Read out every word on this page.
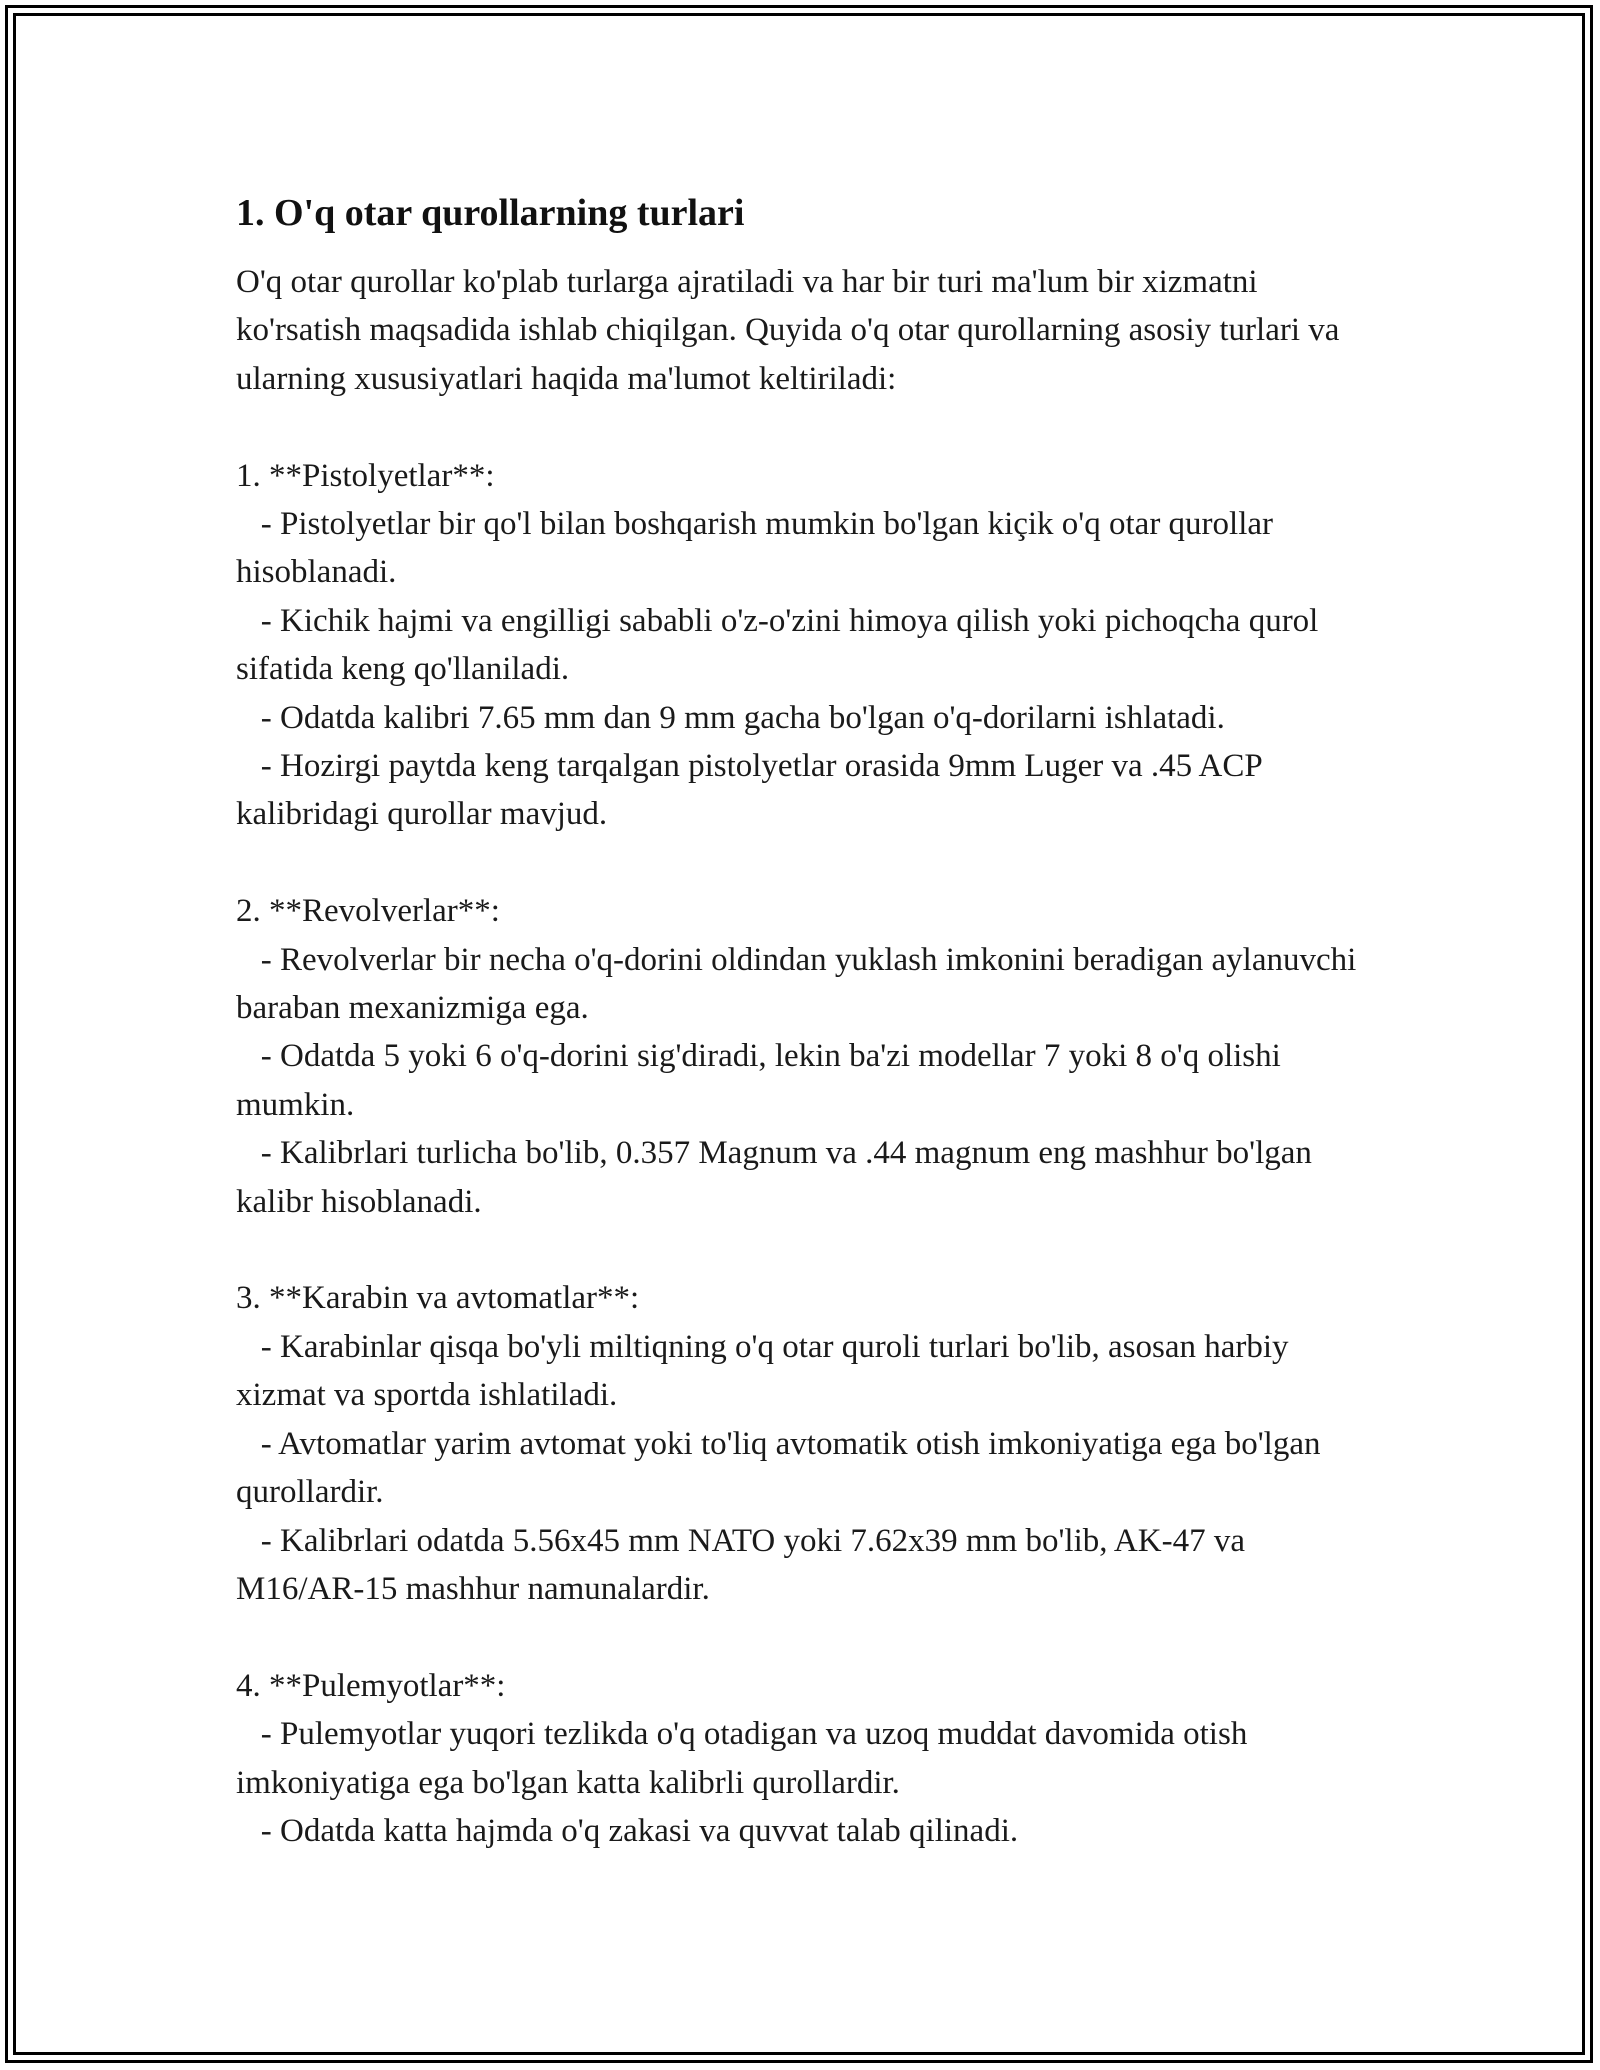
1. O'q otar qurollarning turlari

O'q otar qurollar ko'plab turlarga ajratiladi va har bir turi ma'lum bir xizmatni ko'rsatish maqsadida ishlab chiqilgan. Quyida o'q otar qurollarning asosiy turlari va ularning xususiyatlari haqida ma'lumot keltiriladi:

1. **Pistolyetlar**:

- Pistolyetlar bir qo'l bilan boshqarish mumkin bo'lgan kiçik o'q otar qurollar hisoblanadi.

- Kichik hajmi va engilligi sababli o'z-o'zini himoya qilish yoki pichoqcha qurol sifatida keng qo'llaniladi.

- Odatda kalibri 7.65 mm dan 9 mm gacha bo'lgan o'q-dorilarni ishlatadi.

- Hozirgi paytda keng tarqalgan pistolyetlar orasida 9mm Luger va .45 ACP kalibridagi qurollar mavjud.

2. **Revolverlar**:

- Revolverlar bir necha o'q-dorini oldindan yuklash imkonini beradigan aylanuvchi baraban mexanizmiga ega.

- Odatda 5 yoki 6 o'q-dorini sig'diradi, lekin ba'zi modellar 7 yoki 8 o'q olishi mumkin.

- Kalibrlari turlicha bo'lib, 0.357 Magnum va .44 magnum eng mashhur bo'lgan kalibr hisoblanadi.

3. **Karabin va avtomatlar**:

- Karabinlar qisqa bo'yli miltiqning o'q otar quroli turlari bo'lib, asosan harbiy xizmat va sportda ishlatiladi.

- Avtomatlar yarim avtomat yoki to'liq avtomatik otish imkoniyatiga ega bo'lgan qurollardir.

- Kalibrlari odatda 5.56x45 mm NATO yoki 7.62x39 mm bo'lib, AK-47 va M16/AR-15 mashhur namunalardir.

4. **Pulemyotlar**:

- Pulemyotlar yuqori tezlikda o'q otadigan va uzoq muddat davomida otish imkoniyatiga ega bo'lgan katta kalibrli qurollardir.

- Odatda katta hajmda o'q zakasi va quvvat talab qilinadi.
